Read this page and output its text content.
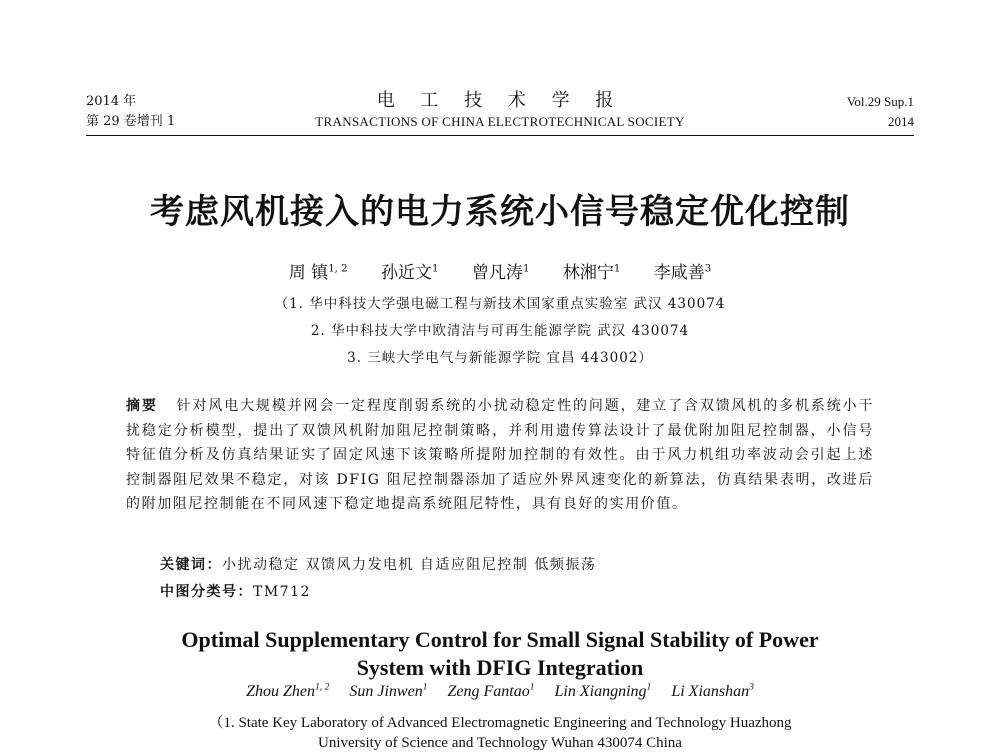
2014 年
第 29 卷增刊 1
电 工 技 术 学 报
TRANSACTIONS OF CHINA ELECTROTECHNICAL SOCIETY
Vol.29 Sup.1
2014
考虑风机接入的电力系统小信号稳定优化控制
周 镇$^{1, 2}$ 孙近文$^1$ 曾凡涛$^1$ 林湘宁$^1$ 李咸善$^3$
（1. 华中科技大学强电磁工程与新技术国家重点实验室 武汉 430074
2. 华中科技大学中欧清洁与可再生能源学院 武汉 430074
3. 三峡大学电气与新能源学院 宜昌 443002）
摘要 针对风电大规模并网会一定程度削弱系统的小扰动稳定性的问题，建立了含双馈风机的多机系统小干扰稳定分析模型，提出了双馈风机附加阻尼控制策略，并利用遗传算法设计了最优附加阻尼控制器，小信号特征值分析及仿真结果证实了固定风速下该策略所提附加控制的有效性。由于风力机组功率波动会引起上述控制器阻尼效果不稳定，对该 DFIG 阻尼控制器添加了适应外界风速变化的新算法，仿真结果表明，改进后的附加阻尼控制能在不同风速下稳定地提高系统阻尼特性，具有良好的实用价值。
关键词：小扰动稳定 双馈风力发电机 自适应阻尼控制 低频振荡
中图分类号：TM712
Optimal Supplementary Control for Small Signal Stability of Power
System with DFIG Integration
Zhou Zhen$^{1, 2}$ Sun Jinwen$^1$ Zeng Fantao$^1$ Lin Xiangning$^1$ Li Xianshan$^3$
（1. State Key Laboratory of Advanced Electromagnetic Engineering and Technology Huazhong
University of Science and Technology Wuhan 430074 China
